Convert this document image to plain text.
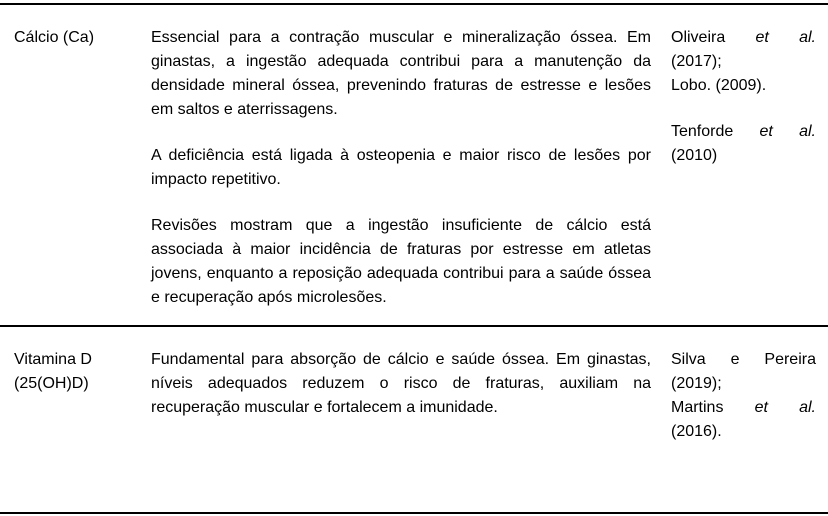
Cálcio (Ca)	Essencial para a contração muscular e mineralização óssea. Em ginastas, a ingestão adequada contribui para a manutenção da densidade mineral óssea, prevenindo fraturas de estresse e lesões em saltos e aterrissagens.

A deficiência está ligada à osteopenia e maior risco de lesões por impacto repetitivo.

Revisões mostram que a ingestão insuficiente de cálcio está associada à maior incidência de fraturas por estresse em atletas jovens, enquanto a reposição adequada contribui para a saúde óssea e recuperação após microlesões.

Oliveira et al.
(2017);
Lobo. (2009).
Tenforde et al.
(2010)
Vitamina D
(25(OH)D)

Fundamental para absorção de cálcio e saúde óssea. Em ginastas, níveis adequados reduzem o risco de fraturas, auxiliam na recuperação muscular e fortalecem a imunidade.

Silva e Pereira
(2019);
Martins et al.
(2016).
